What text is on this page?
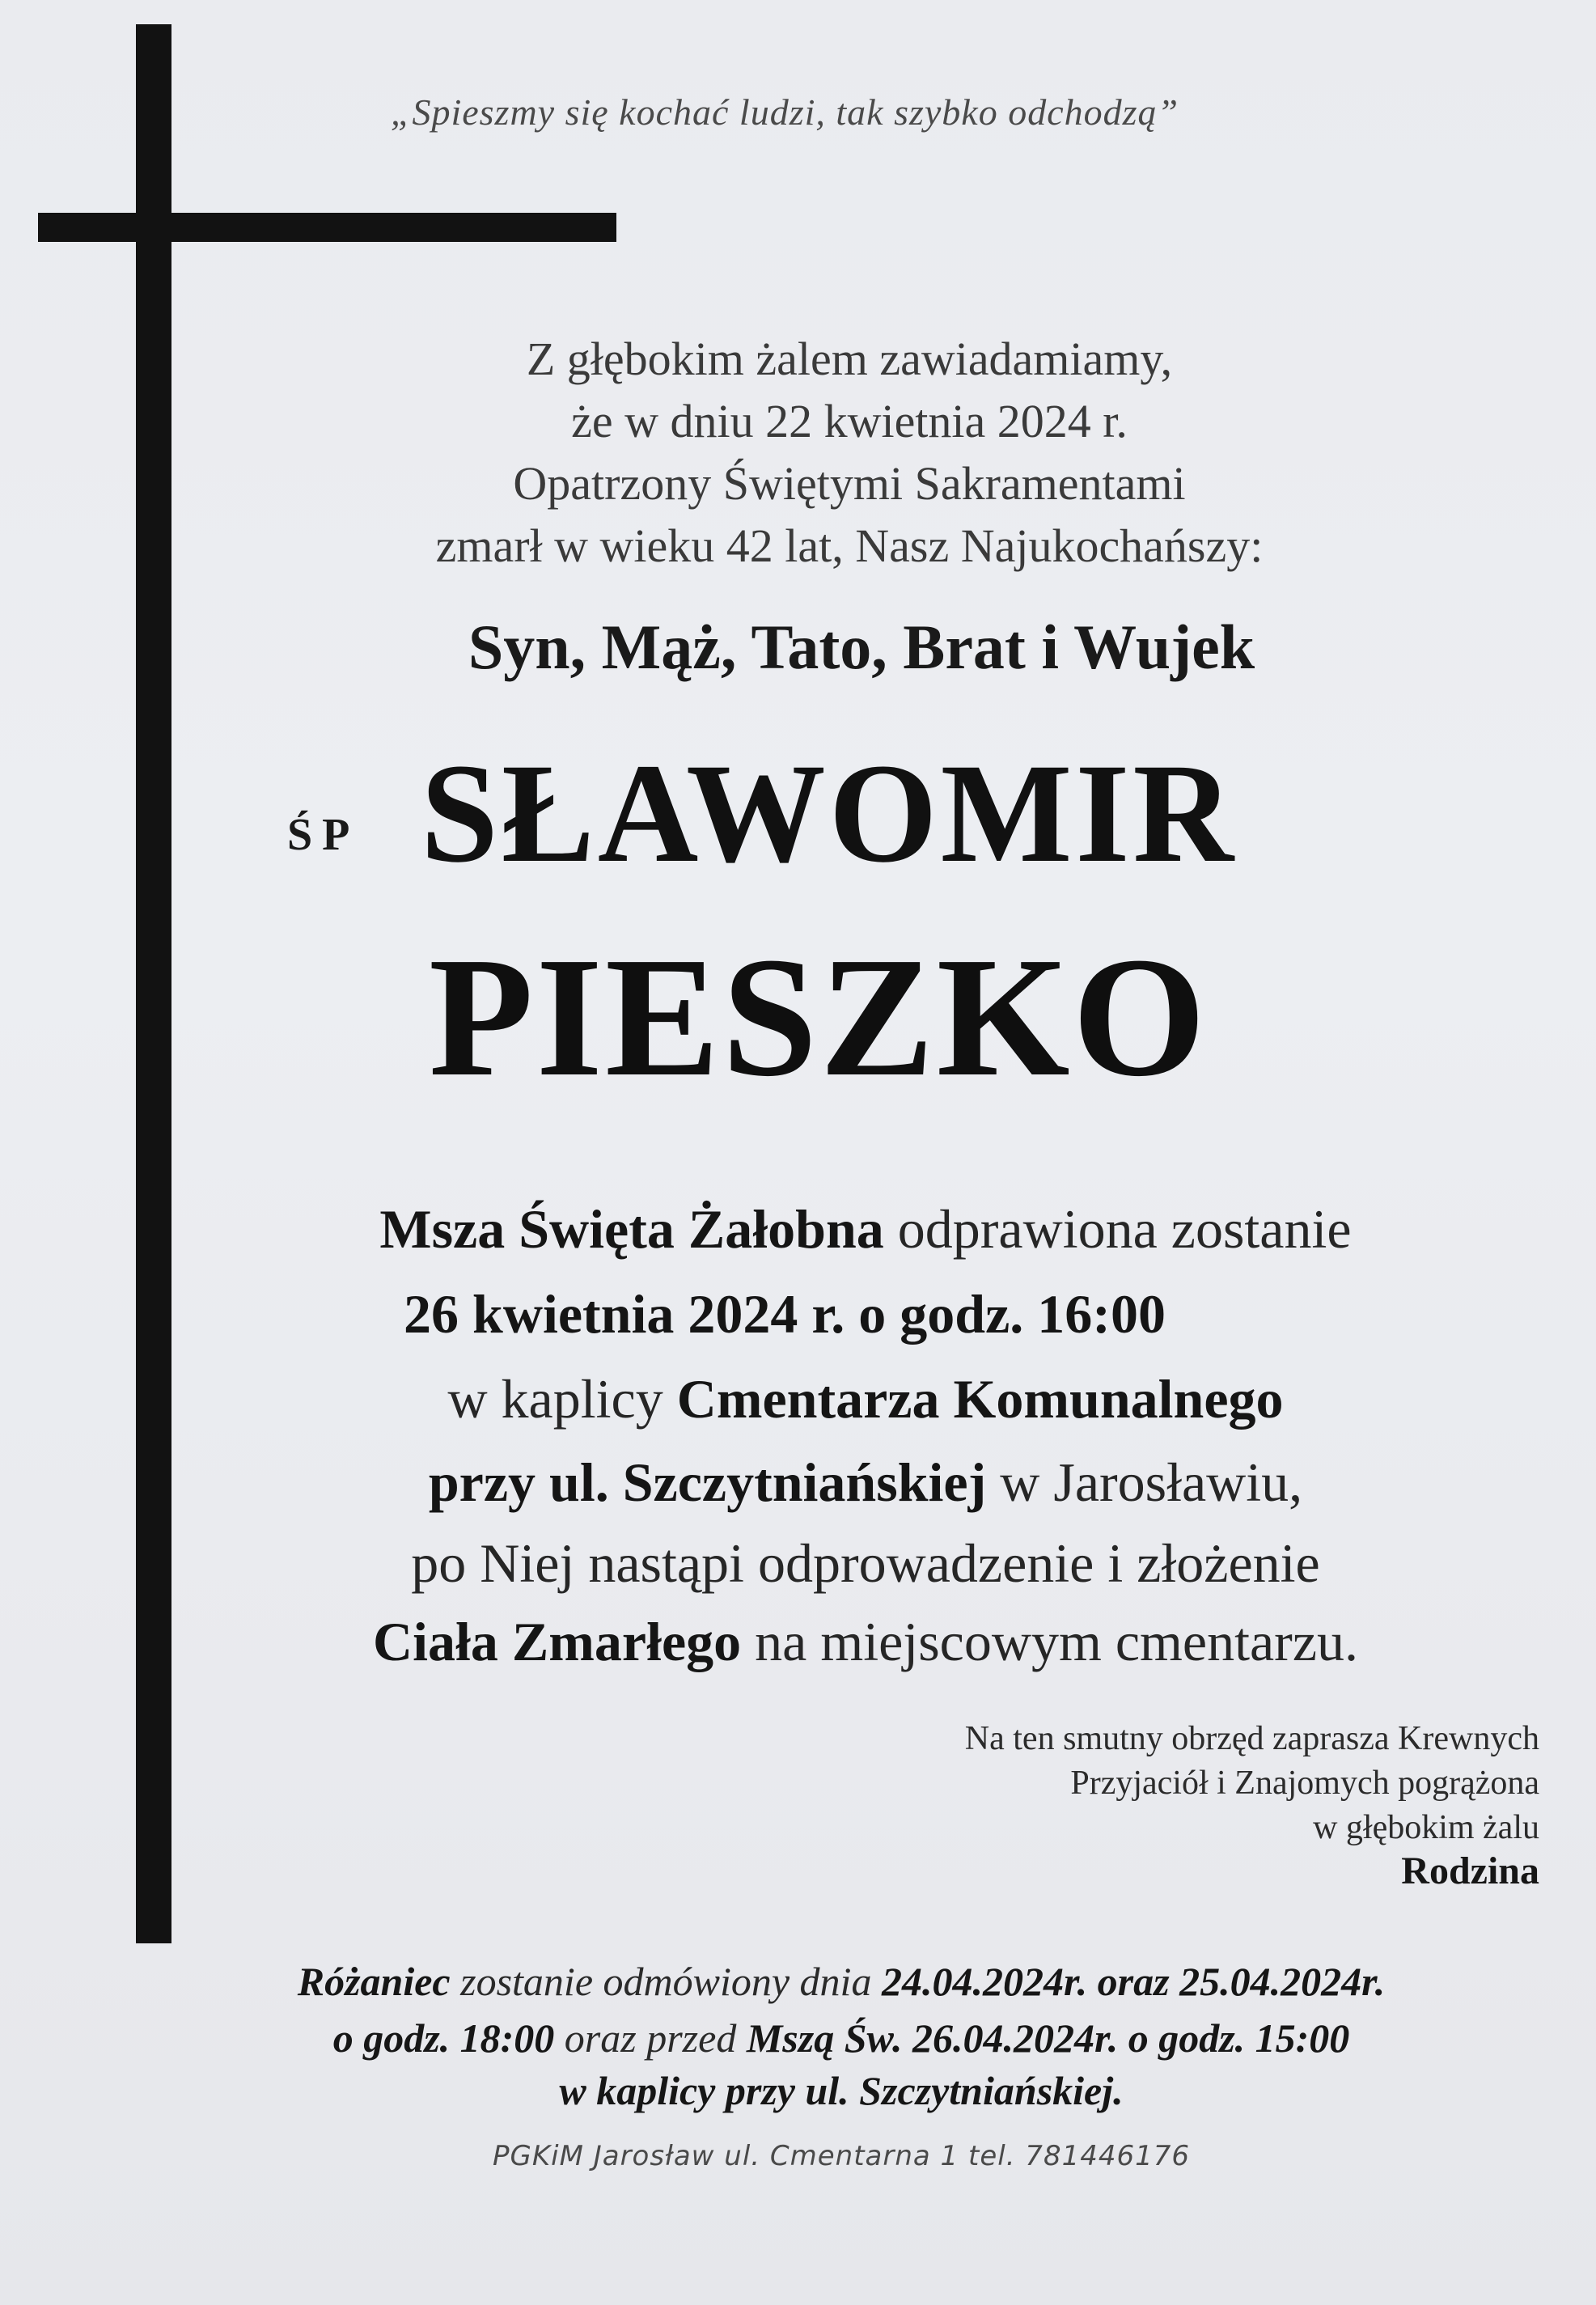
„Spieszmy się kochać ludzi, tak szybko odchodzą”

Z głębokim żalem zawiadamiamy,

że w dniu 22 kwietnia 2024 r.

Opatrzony Świętymi Sakramentami

zmarł w wieku 42 lat, Nasz Najukochańszy:

Syn, Mąż, Tato, Brat i Wujek

ŚP SŁAWOMIR
PIESZKO

Msza Święta Żałobna odprawiona zostanie

26 kwietnia 2024 r. o godz. 16:00

w kaplicy Cmentarza Komunalnego

przy ul. Szczytniańskiej w Jarosławiu,

po Niej nastąpi odprowadzenie i złożenie

Ciała Zmarłego na miejscowym cmentarzu.

Na ten smutny obrzęd zaprasza Krewnych
Przyjaciół i Znajomych pogrążona
w głębokim żalu
Rodzina

Różaniec zostanie odmówiony dnia 24.04.2024r. oraz 25.04.2024r.

o godz. 18:00 oraz przed Mszą Św. 26.04.2024r. o godz. 15:00

w kaplicy przy ul. Szczytniańskiej.

PGKiM Jarosław ul. Cmentarna 1 tel. 781446176
